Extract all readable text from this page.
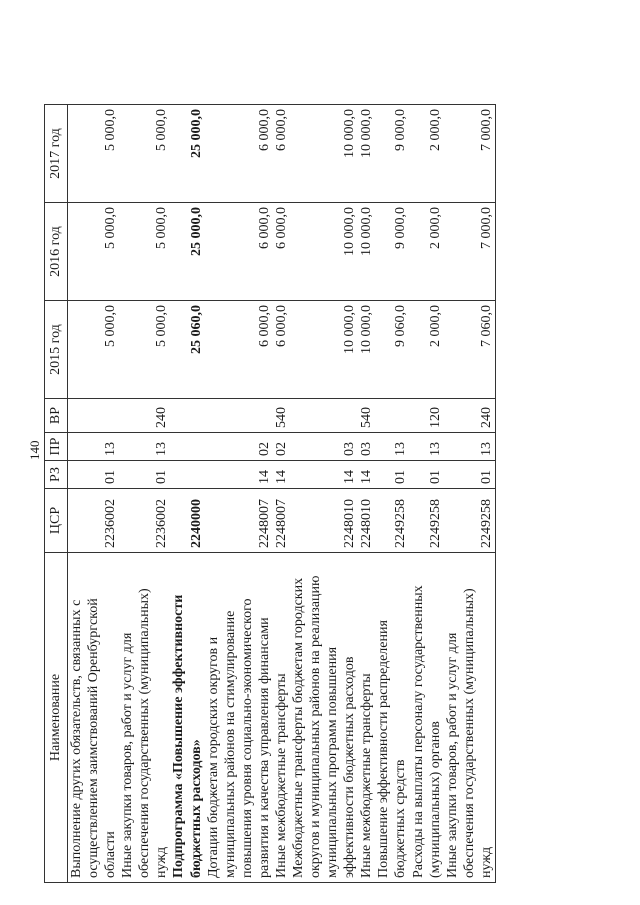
140
Наименование	ЦСР	РЗ	ПР	ВР	2015 год	2016 год	2017 год
Выполнение других обязательств, связанных с осуществлением заимствований Оренбургской области	2236002	01	13		5 000,0	5 000,0	5 000,0
Иные закупки товаров, работ и услуг для обеспечения государственных (муниципальных) нужд	2236002	01	13	240	5 000,0	5 000,0	5 000,0
Подпрограмма «Повышение эффективности бюджетных расходов»	2240000				25 060,0	25 000,0	25 000,0
Дотации бюджетам городских округов и муниципальных районов на стимулирование повышения уровня социально-экономического развития и качества управления финансами	2248007	14	02		6 000,0	6 000,0	6 000,0
Иные межбюджетные трансферты	2248007	14	02	540	6 000,0	6 000,0	6 000,0
Межбюджетные трансферты бюджетам городских округов и муниципальных районов на реализацию муниципальных программ повышения эффективности бюджетных расходов	2248010	14	03		10 000,0	10 000,0	10 000,0
Иные межбюджетные трансферты	2248010	14	03	540	10 000,0	10 000,0	10 000,0
Повышение эффективности распределения бюджетных средств	2249258	01	13		9 060,0	9 000,0	9 000,0
Расходы на выплаты персоналу государственных (муниципальных) органов	2249258	01	13	120	2 000,0	2 000,0	2 000,0
Иные закупки товаров, работ и услуг для обеспечения государственных (муниципальных) нужд	2249258	01	13	240	7 060,0	7 000,0	7 000,0
